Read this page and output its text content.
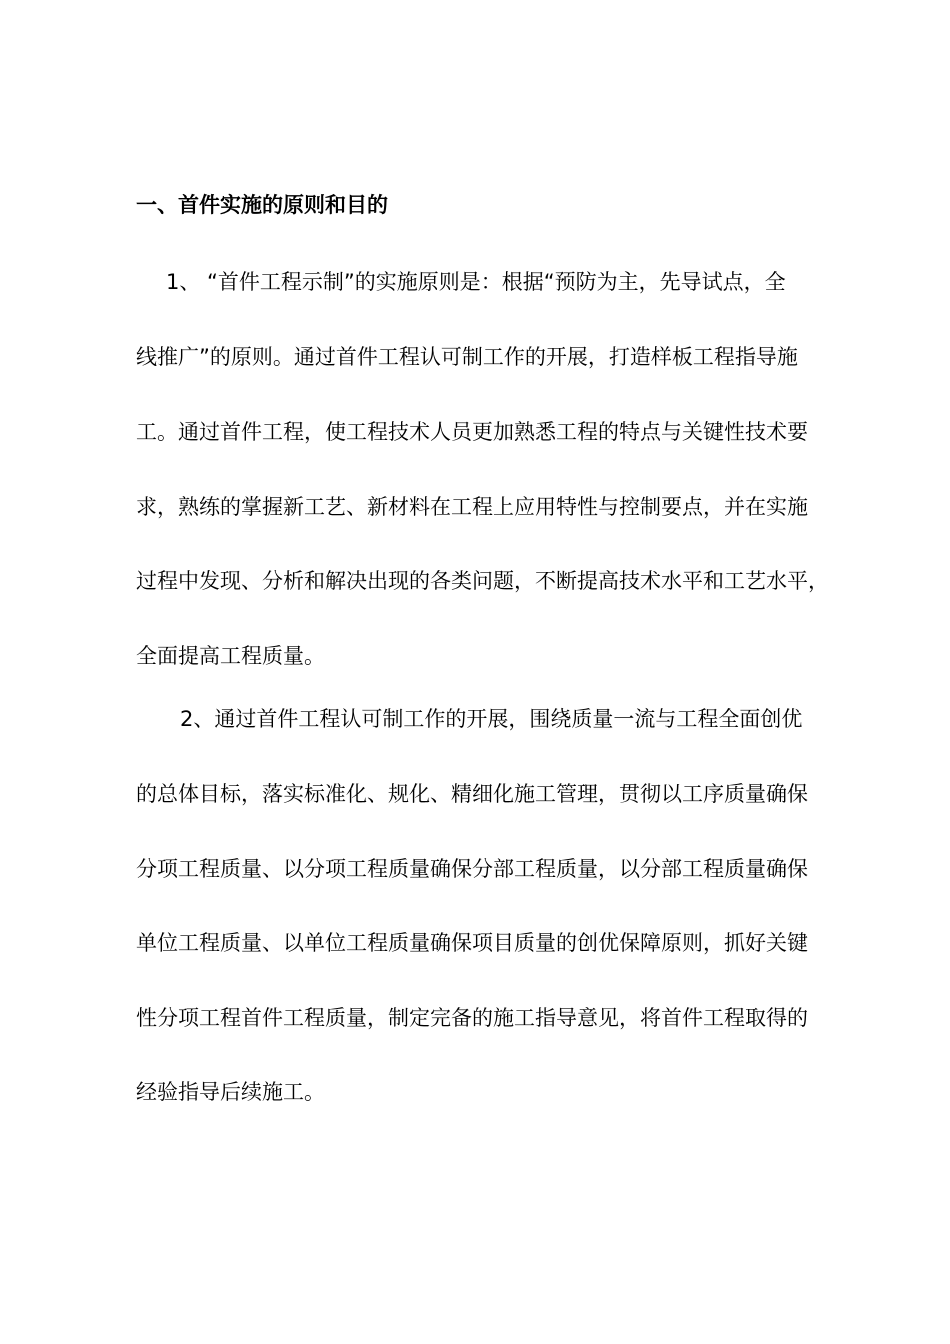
一、首件实施的原则和目的
1、 “首件工程示制”的实施原则是：根据“预防为主，先导试点，全
线推广”的原则。通过首件工程认可制工作的开展，打造样板工程指导施
工。通过首件工程，使工程技术人员更加熟悉工程的特点与关键性技术要
求，熟练的掌握新工艺、新材料在工程上应用特性与控制要点，并在实施
过程中发现、分析和解决出现的各类问题，不断提高技术水平和工艺水平，
全面提高工程质量。
2、通过首件工程认可制工作的开展，围绕质量一流与工程全面创优
的总体目标，落实标准化、规化、精细化施工管理，贯彻以工序质量确保
分项工程质量、以分项工程质量确保分部工程质量，以分部工程质量确保
单位工程质量、以单位工程质量确保项目质量的创优保障原则，抓好关键
性分项工程首件工程质量，制定完备的施工指导意见，将首件工程取得的
经验指导后续施工。
